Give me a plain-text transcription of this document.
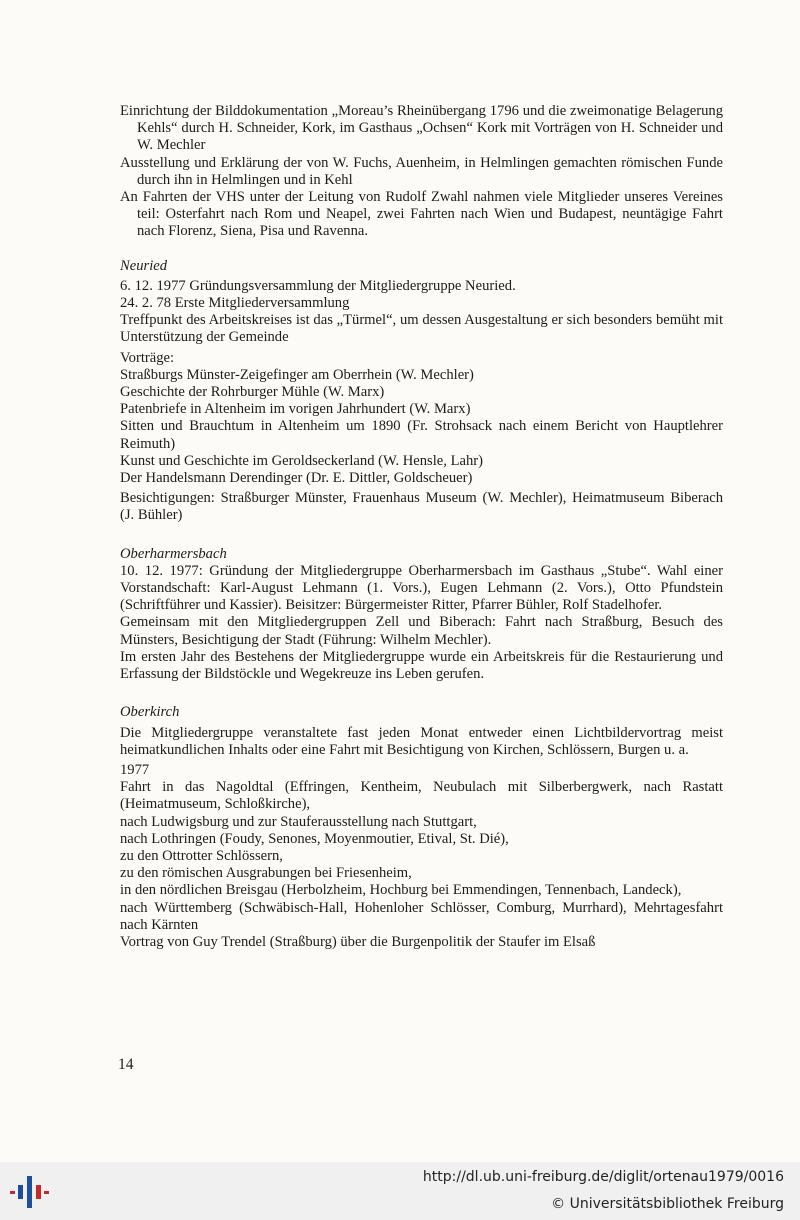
Einrichtung der Bilddokumentation „Moreau’s Rheinübergang 1796 und die zweimonatige Belagerung Kehls“ durch H. Schneider, Kork, im Gasthaus „Ochsen“ Kork mit Vorträgen von H. Schneider und W. Mechler
Ausstellung und Erklärung der von W. Fuchs, Auenheim, in Helmlingen gemachten römischen Funde durch ihn in Helmlingen und in Kehl
An Fahrten der VHS unter der Leitung von Rudolf Zwahl nahmen viele Mitglieder unseres Vereines teil: Osterfahrt nach Rom und Neapel, zwei Fahrten nach Wien und Budapest, neuntägige Fahrt nach Florenz, Siena, Pisa und Ravenna.
Neuried
6. 12. 1977 Gründungsversammlung der Mitgliedergruppe Neuried.
24. 2. 78 Erste Mitgliederversammlung
Treffpunkt des Arbeitskreises ist das „Türmel“, um dessen Ausgestaltung er sich besonders bemüht mit Unterstützung der Gemeinde
Vorträge:
Straßburgs Münster-Zeigefinger am Oberrhein (W. Mechler)
Geschichte der Rohrburger Mühle (W. Marx)
Patenbriefe in Altenheim im vorigen Jahrhundert (W. Marx)
Sitten und Brauchtum in Altenheim um 1890 (Fr. Strohsack nach einem Bericht von Hauptlehrer Reimuth)
Kunst und Geschichte im Geroldseckerland (W. Hensle, Lahr)
Der Handelsmann Derendinger (Dr. E. Dittler, Goldscheuer)
Besichtigungen: Straßburger Münster, Frauenhaus Museum (W. Mechler), Heimatmuseum Biberach (J. Bühler)
Oberharmersbach
10. 12. 1977: Gründung der Mitgliedergruppe Oberharmersbach im Gasthaus „Stube“. Wahl einer Vorstandschaft: Karl-August Lehmann (1. Vors.), Eugen Lehmann (2. Vors.), Otto Pfundstein (Schriftführer und Kassier). Beisitzer: Bürgermeister Ritter, Pfarrer Bühler, Rolf Stadelhofer.
Gemeinsam mit den Mitgliedergruppen Zell und Biberach: Fahrt nach Straßburg, Besuch des Münsters, Besichtigung der Stadt (Führung: Wilhelm Mechler).
Im ersten Jahr des Bestehens der Mitgliedergruppe wurde ein Arbeitskreis für die Restaurierung und Erfassung der Bildstöckle und Wegekreuze ins Leben gerufen.
Oberkirch
Die Mitgliedergruppe veranstaltete fast jeden Monat entweder einen Lichtbildervortrag meist heimatkundlichen Inhalts oder eine Fahrt mit Besichtigung von Kirchen, Schlössern, Burgen u. a.
1977
Fahrt in das Nagoldtal (Effringen, Kentheim, Neubulach mit Silberbergwerk, nach Rastatt (Heimatmuseum, Schloßkirche),
nach Ludwigsburg und zur Stauferausstellung nach Stuttgart,
nach Lothringen (Foudy, Senones, Moyenmoutier, Etival, St. Dié),
zu den Ottrotter Schlössern,
zu den römischen Ausgrabungen bei Friesenheim,
in den nördlichen Breisgau (Herbolzheim, Hochburg bei Emmendingen, Tennenbach, Landeck),
nach Württemberg (Schwäbisch-Hall, Hohenloher Schlösser, Comburg, Murrhard), Mehrtagesfahrt nach Kärnten
Vortrag von Guy Trendel (Straßburg) über die Burgenpolitik der Staufer im Elsaß
14
http://dl.ub.uni-freiburg.de/diglit/ortenau1979/0016
© Universitätsbibliothek Freiburg
